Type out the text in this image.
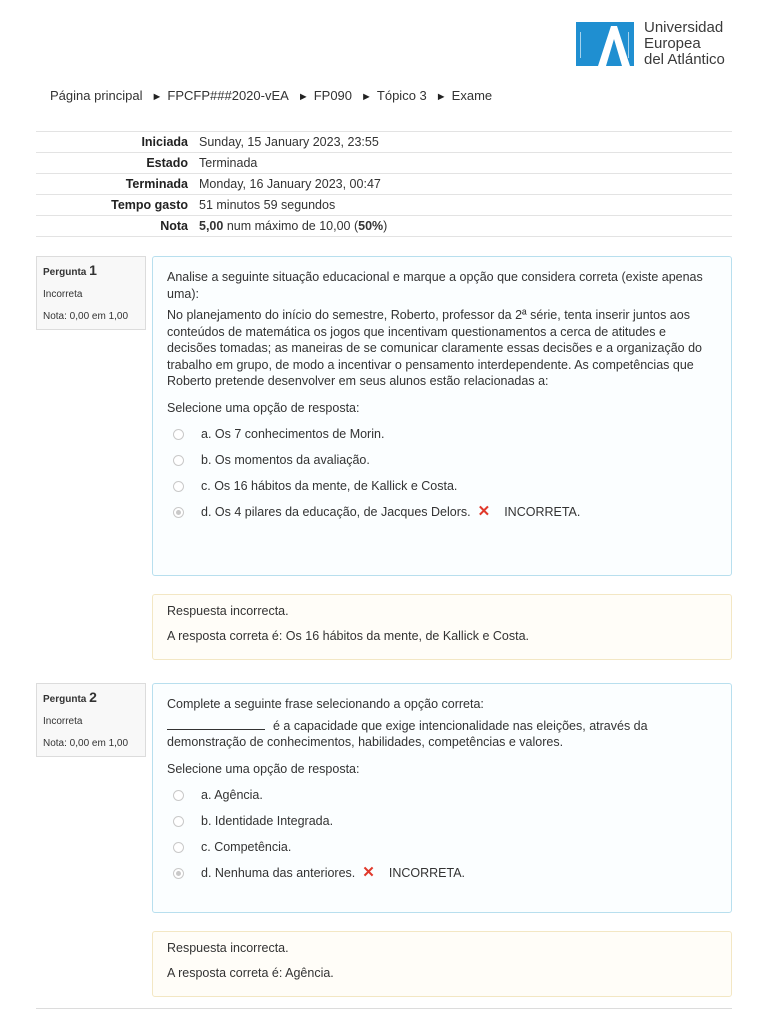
Universidad
Europea
del Atlántico
Página principal ► FPCFP###2020-vEA ► FP090 ► Tópico 3 ► Exame
Iniciada	Sunday, 15 January 2023, 23:55
Estado	Terminada
Terminada	Monday, 16 January 2023, 00:47
Tempo gasto	51 minutos 59 segundos
Nota	5,00 num máximo de 10,00 (50%)
Pergunta 1
Incorreta
Nota: 0,00 em 1,00

Analise a seguinte situação educacional e marque a opção que considera correta (existe apenas uma):

No planejamento do início do semestre, Roberto, professor da 2ª série, tenta inserir juntos aos conteúdos de matemática os jogos que incentivam questionamentos a cerca de atitudes e decisões tomadas; as maneiras de se comunicar claramente essas decisões e a organização do trabalho em grupo, de modo a incentivar o pensamento interdependente. As competências que Roberto pretende desenvolver em seus alunos estão relacionadas a:

Selecione uma opção de resposta:

a. Os 7 conhecimentos de Morin.
b. Os momentos da avaliação.
c. Os 16 hábitos da mente, de Kallick e Costa.
d. Os 4 pilares da educação, de Jacques Delors. ✕ INCORRETA.

Respuesta incorrecta.

A resposta correta é: Os 16 hábitos da mente, de Kallick e Costa.

Pergunta 2
Incorreta
Nota: 0,00 em 1,00

Complete a seguinte frase selecionando a opção correta:

é a capacidade que exige intencionalidade nas eleições, através da demonstração de conhecimentos, habilidades, competências e valores.

Selecione uma opção de resposta:

a. Agência.
b. Identidade Integrada.
c. Competência.
d. Nenhuma das anteriores. ✕ INCORRETA.

Respuesta incorrecta.

A resposta correta é: Agência.
